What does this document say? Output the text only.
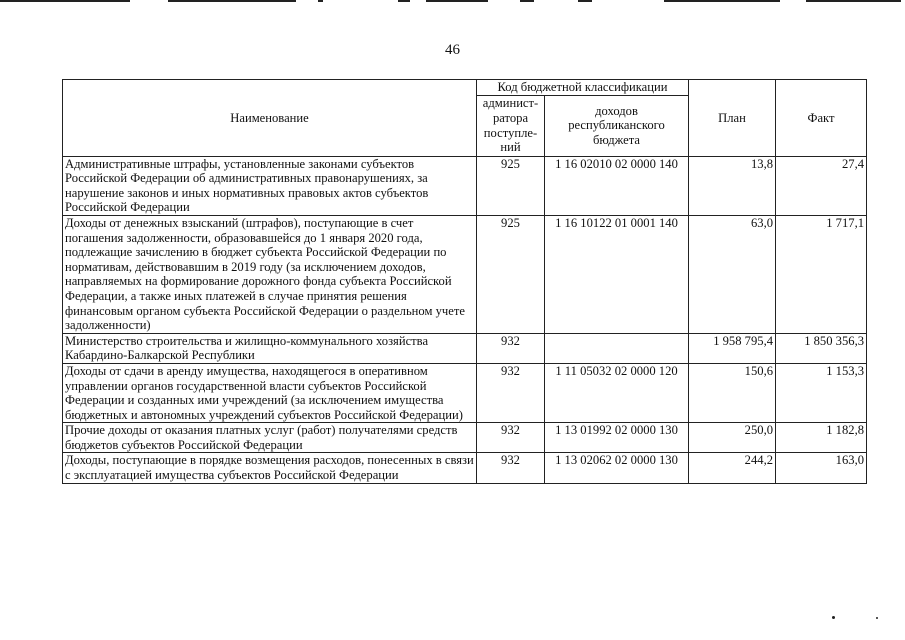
46
Наименование	Код бюджетной классификации		План	Факт
	админист-ратора поступле-ний	доходов республиканского бюджета		
Административные штрафы, установленные законами субъектов Российской Федерации об административных правонарушениях, за нарушение законов и иных нормативных правовых актов субъектов Российской Федерации	925	1 16 02010 02 0000 140	13,8	27,4
Доходы от денежных взысканий (штрафов), поступающие в счет погашения задолженности, образовавшейся до 1 января 2020 года, подлежащие зачислению в бюджет субъекта Российской Федерации по нормативам, действовавшим в 2019 году (за исключением доходов, направляемых на формирование дорожного фонда субъекта Российской Федерации, а также иных платежей в случае принятия решения финансовым органом субъекта Российской Федерации о раздельном учете задолженности)	925	1 16 10122 01 0001 140	63,0	1 717,1
Министерство строительства и жилищно-коммунального хозяйства Кабардино-Балкарской Республики	932		1 958 795,4	1 850 356,3
Доходы от сдачи в аренду имущества, находящегося в оперативном управлении органов государственной власти субъектов Российской Федерации и созданных ими учреждений (за исключением имущества бюджетных и автономных учреждений субъектов Российской Федерации)	932	1 11 05032 02 0000 120	150,6	1 153,3
Прочие доходы от оказания платных услуг (работ) получателями средств бюджетов субъектов Российской Федерации	932	1 13 01992 02 0000 130	250,0	1 182,8
Доходы, поступающие в порядке возмещения расходов, понесенных в связи с эксплуатацией имущества субъектов Российской Федерации	932	1 13 02062 02 0000 130	244,2	163,0
